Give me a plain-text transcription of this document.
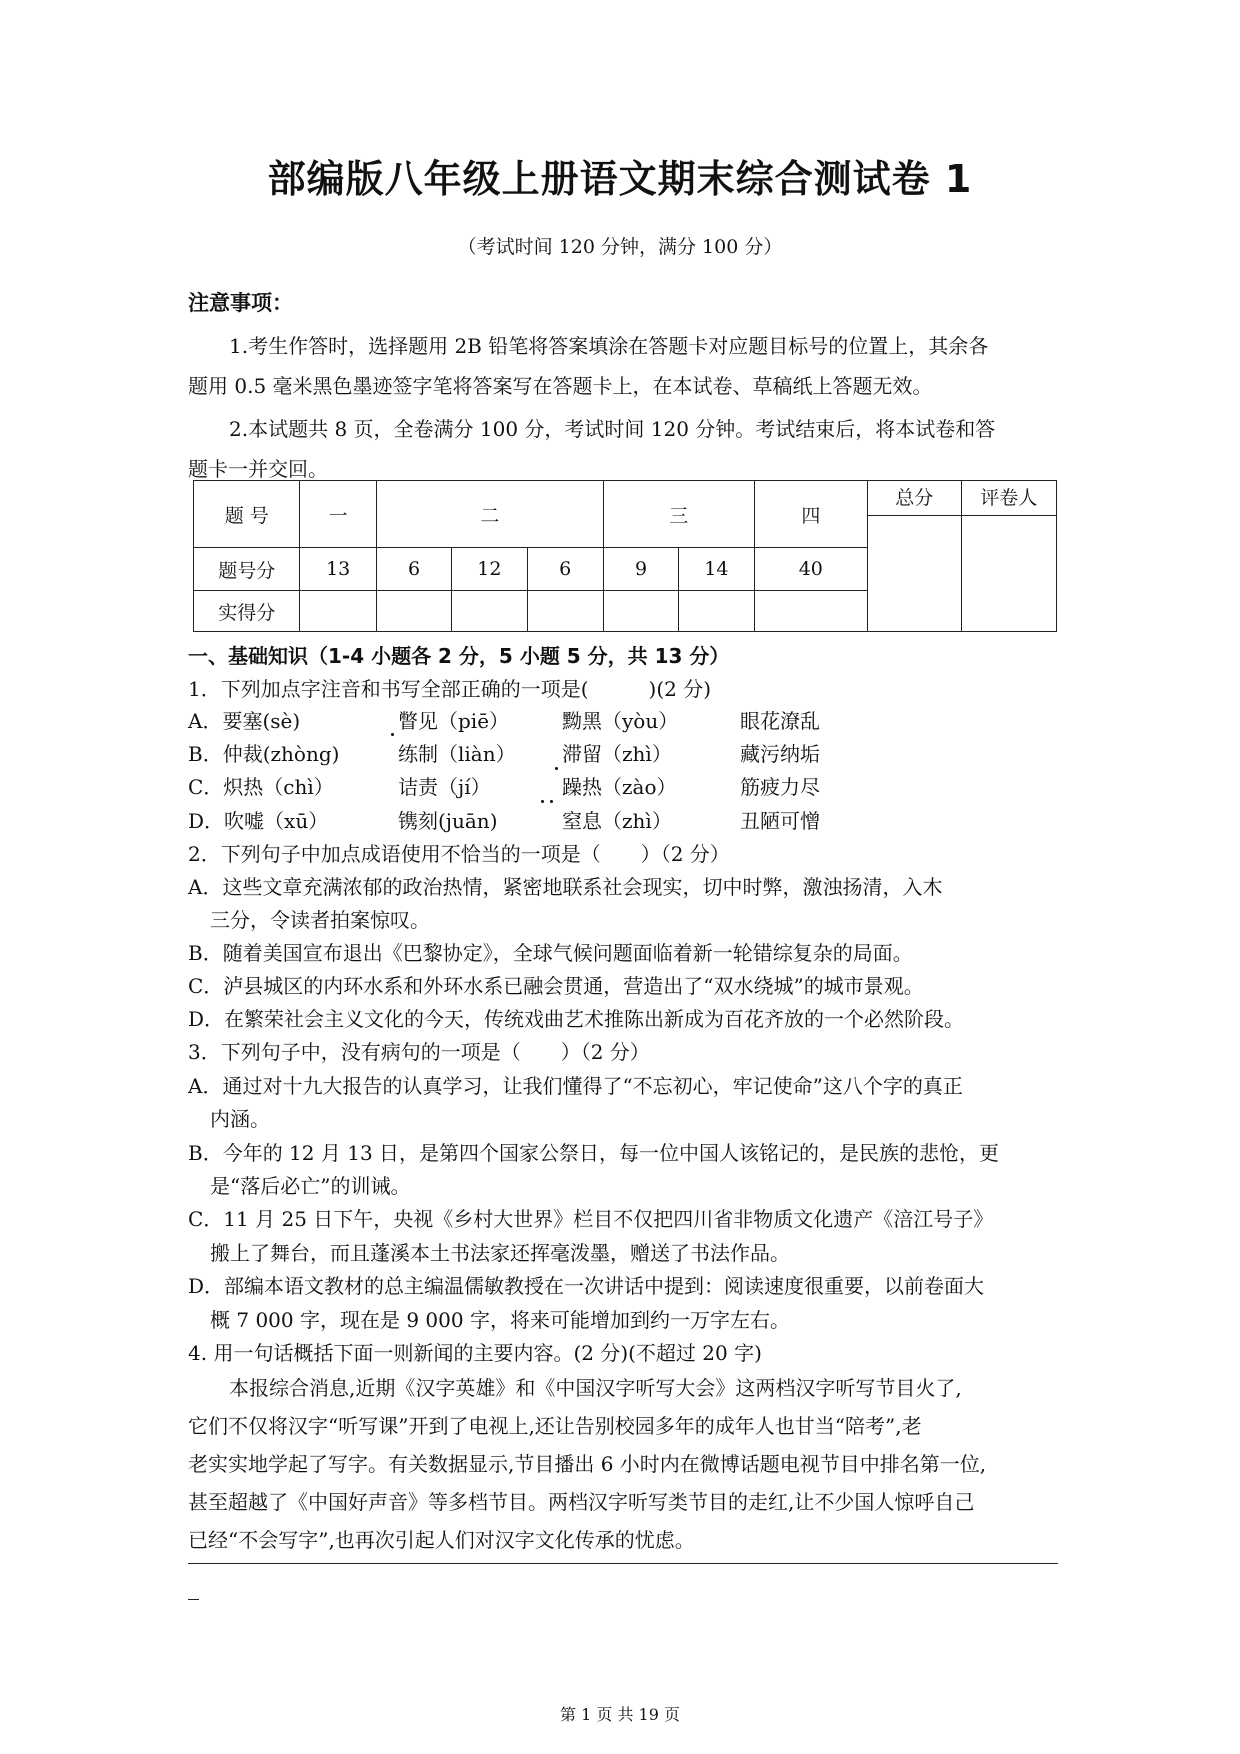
部编版八年级上册语文期末综合测试卷 1
（考试时间 120 分钟，满分 100 分）
注意事项：
1.考生作答时，选择题用 2B 铅笔将答案填涂在答题卡对应题目标号的位置上，其余各
题用 0.5 毫米黑色墨迹签字笔将答案写在答题卡上，在本试卷、草稿纸上答题无效。
2.本试题共 8 页，全卷满分 100 分，考试时间 120 分钟。考试结束后，将本试卷和答
题卡一并交回。
题 号	一	二			三		四	总分	评卷人

题号分	13	6	12	6	9	14	40		
实得分									
一、基础知识（1-4 小题各 2 分，5 小题 5 分，共 13 分）
1．下列加点字注音和书写全部正确的一项是(　　　)(2 分)
A．要塞(sè)	瞥见（piē）	黝黑（yòu）	眼花潦乱
B．仲裁(zhòng)	练制（liàn） 滞留（zhì）	藏污纳垢
C．炽热（chì）	诘责（jí）	躁热（zào）	筋疲力尽
D．吹嘘（xū）	镌刻(juān)	窒息（zhì）	丑陋可憎
2．下列句子中加点成语使用不恰当的一项是（　　）（2 分）
A．这些文章充满浓郁的政治热情，紧密地联系社会现实，切中时弊，激浊扬清，入木
三分，令读者拍案惊叹。
B．随着美国宣布退出《巴黎协定》，全球气候问题面临着新一轮错综复杂的局面。
C．泸县城区的内环水系和外环水系已融会贯通，营造出了“双水绕城”的城市景观。
D．在繁荣社会主义文化的今天，传统戏曲艺术推陈出新成为百花齐放的一个必然阶段。
3．下列句子中，没有病句的一项是（　　）（2 分）
A．通过对十九大报告的认真学习，让我们懂得了“不忘初心，牢记使命”这八个字的真正
内涵。
B．今年的 12 月 13 日，是第四个国家公祭日，每一位中国人该铭记的，是民族的悲怆，更
是“落后必亡”的训诫。
C．11 月 25 日下午，央视《乡村大世界》栏目不仅把四川省非物质文化遗产《涪江号子》
搬上了舞台，而且蓬溪本土书法家还挥毫泼墨，赠送了书法作品。
D．部编本语文教材的总主编温儒敏教授在一次讲话中提到：阅读速度很重要，以前卷面大
概 7 000 字，现在是 9 000 字，将来可能增加到约一万字左右。
4. 用一句话概括下面一则新闻的主要内容。(2 分)(不超过 20 字)
本报综合消息,近期《汉字英雄》和《中国汉字听写大会》这两档汉字听写节目火了,
它们不仅将汉字“听写课”开到了电视上,还让告别校园多年的成年人也甘当“陪考”,老
老实实地学起了写字。有关数据显示,节目播出 6 小时内在微博话题电视节目中排名第一位,
甚至超越了《中国好声音》等多档节目。两档汉字听写类节目的走红,让不少国人惊呼自己
已经“不会写字”,也再次引起人们对汉字文化传承的忧虑。
第 1 页 共 19 页
